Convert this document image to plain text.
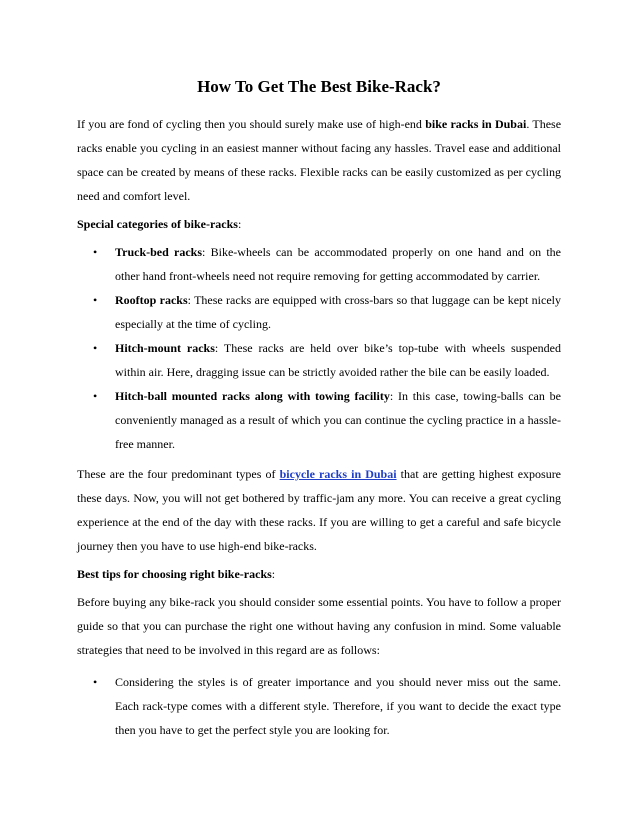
How To Get The Best Bike-Rack?

If you are fond of cycling then you should surely make use of high-end bike racks in Dubai. These racks enable you cycling in an easiest manner without facing any hassles. Travel ease and additional space can be created by means of these racks. Flexible racks can be easily customized as per cycling need and comfort level.

Special categories of bike-racks:

• Truck-bed racks: Bike-wheels can be accommodated properly on one hand and on the other hand front-wheels need not require removing for getting accommodated by carrier.
• Rooftop racks: These racks are equipped with cross-bars so that luggage can be kept nicely especially at the time of cycling.
• Hitch-mount racks: These racks are held over bike’s top-tube with wheels suspended within air. Here, dragging issue can be strictly avoided rather the bile can be easily loaded.
• Hitch-ball mounted racks along with towing facility: In this case, towing-balls can be conveniently managed as a result of which you can continue the cycling practice in a hassle-free manner.

These are the four predominant types of bicycle racks in Dubai that are getting highest exposure these days. Now, you will not get bothered by traffic-jam any more. You can receive a great cycling experience at the end of the day with these racks. If you are willing to get a careful and safe bicycle journey then you have to use high-end bike-racks.

Best tips for choosing right bike-racks:

Before buying any bike-rack you should consider some essential points. You have to follow a proper guide so that you can purchase the right one without having any confusion in mind. Some valuable strategies that need to be involved in this regard are as follows:

• Considering the styles is of greater importance and you should never miss out the same. Each rack-type comes with a different style. Therefore, if you want to decide the exact type then you have to get the perfect style you are looking for.
